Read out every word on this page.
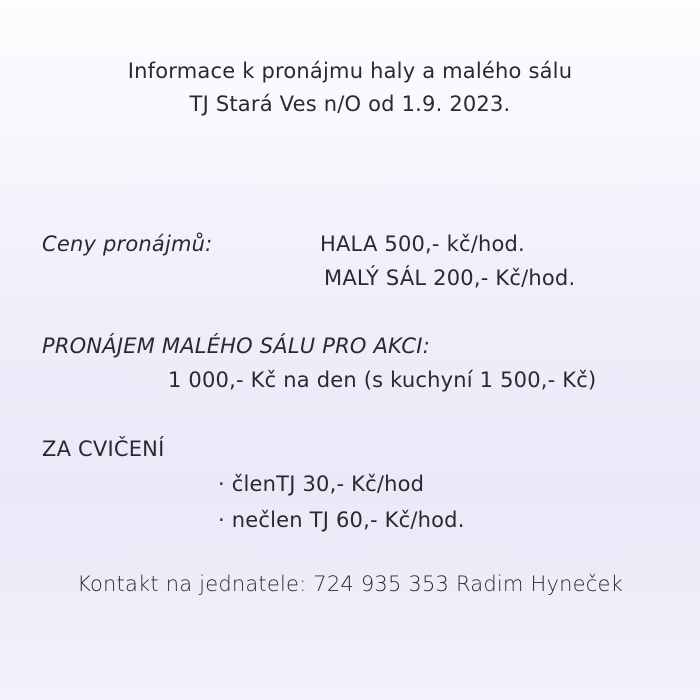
Informace k pronájmu haly a malého sálu
TJ Stará Ves n/O od 1.9. 2023.
Ceny pronájmů:	HALA 500,- kč/hod.
MALÝ SÁL 200,- Kč/hod.
PRONÁJEM MALÉHO SÁLU PRO AKCI:
1 000,- Kč na den (s kuchyní 1 500,- Kč)
ZA CVIČENÍ
· členTJ 30,- Kč/hod
· nečlen TJ 60,- Kč/hod.
Kontakt na jednatele: 724 935 353 Radim Hyneček
